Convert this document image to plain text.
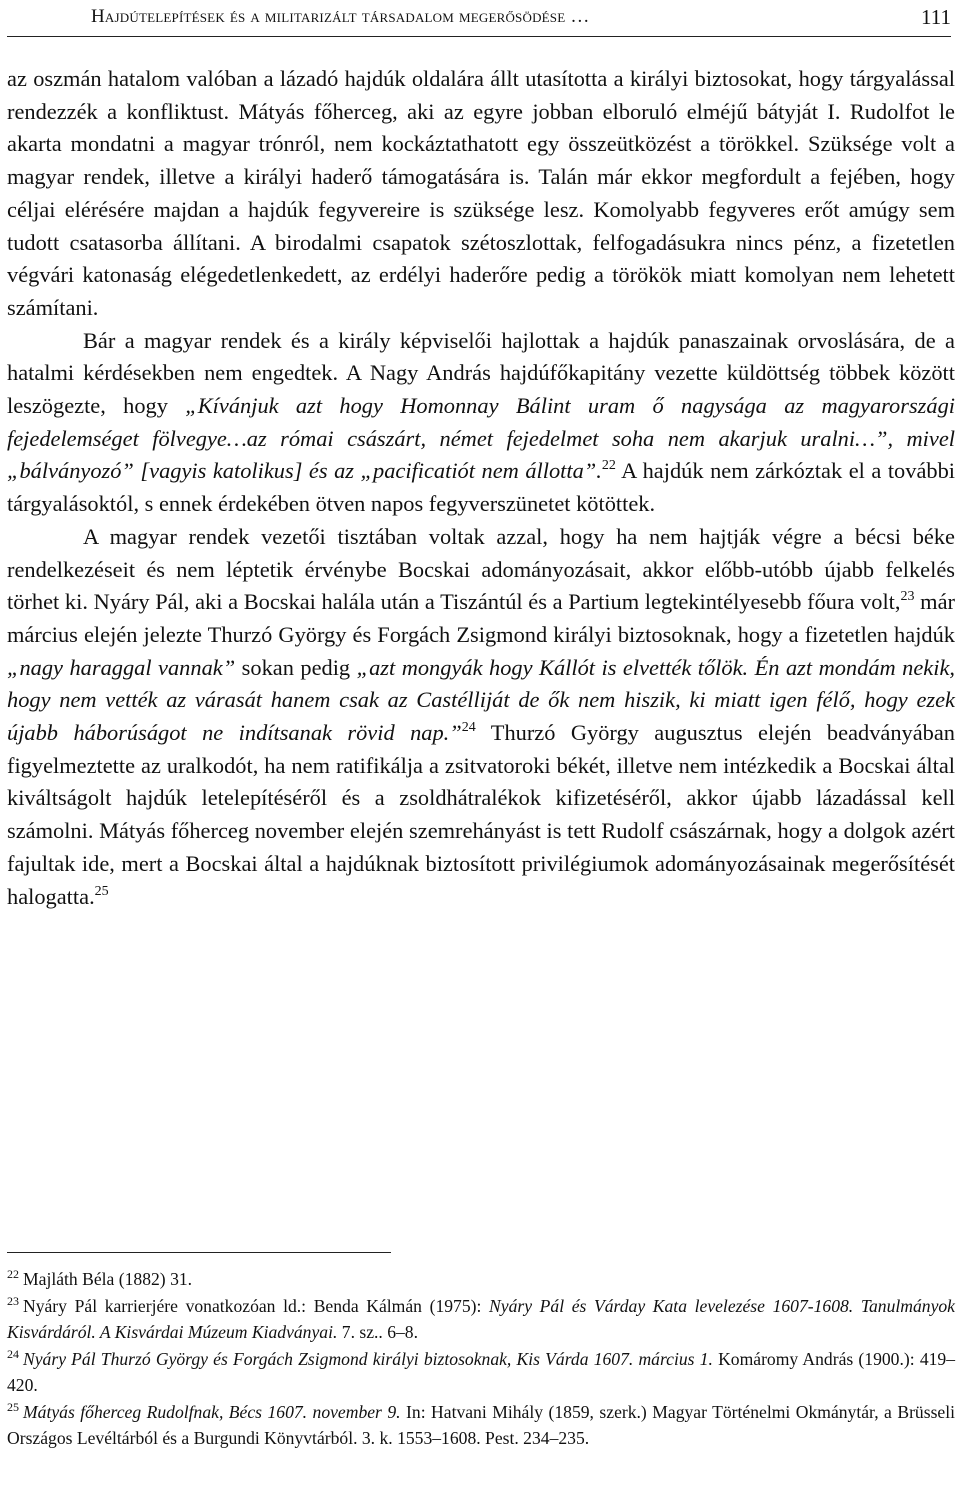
Hajdútelepítések és a militarizált társadalom megerősödése …	111

az oszmán hatalom valóban a lázadó hajdúk oldalára állt utasította a királyi biztosokat, hogy tárgyalással rendezzék a konfliktust. Mátyás főherceg, aki az egyre jobban elboruló elméjű bátyját I. Rudolfot le akarta mondatni a magyar trónról, nem kockáztathatott egy összeütközést a törökkel. Szüksége volt a magyar rendek, illetve a királyi haderő támogatására is. Talán már ekkor megfordult a fejében, hogy céljai elérésére majdan a hajdúk fegyvereire is szüksége lesz. Komolyabb fegyveres erőt amúgy sem tudott csatasorba állítani. A birodalmi csapatok szétoszlottak, felfogadásukra nincs pénz, a fizetetlen végvári katonaság elégedetlenkedett, az erdélyi haderőre pedig a törökök miatt komolyan nem lehetett számítani.

Bár a magyar rendek és a király képviselői hajlottak a hajdúk panaszainak orvoslására, de a hatalmi kérdésekben nem engedtek. A Nagy András hajdúfőkapitány vezette küldöttség többek között leszögezte, hogy „Kívánjuk azt hogy Homonnay Bálint uram ő nagysága az magyarországi fejedelemséget fölvegye…az római császárt, német fejedelmet soha nem akarjuk uralni…”, mivel „bálványozó” [vagyis katolikus] és az „pacificatiót nem állotta”.$^{22}$ A hajdúk nem zárkóztak el a további tárgyalásoktól, s ennek érdekében ötven napos fegyverszünetet kötöttek.

A magyar rendek vezetői tisztában voltak azzal, hogy ha nem hajtják végre a bécsi béke rendelkezéseit és nem léptetik érvénybe Bocskai adományozásait, akkor előbb-utóbb újabb felkelés törhet ki. Nyáry Pál, aki a Bocskai halála után a Tiszántúl és a Partium legtekintélyesebb főura volt,$^{23}$ már március elején jelezte Thurzó György és Forgách Zsigmond királyi biztosoknak, hogy a fizetetlen hajdúk „nagy haraggal vannak” sokan pedig „azt mongyák hogy Kállót is elvették tőlök. Én azt mondám nekik, hogy nem vették az várasát hanem csak az Castélliját de ők nem hiszik, ki miatt igen félő, hogy ezek újabb háborúságot ne indítsanak rövid nap.”$^{24}$ Thurzó György augusztus elején beadványában figyelmeztette az uralkodót, ha nem ratifikálja a zsitvatoroki békét, illetve nem intézkedik a Bocskai által kiváltságolt hajdúk letelepítéséről és a zsoldhátralékok kifizetéséről, akkor újabb lázadással kell számolni. Mátyás főherceg november elején szemrehányást is tett Rudolf császárnak, hogy a dolgok azért fajultak ide, mert a Bocskai által a hajdúknak biztosított privilégiumok adományozásainak megerősítését halogatta.$^{25}$

$^{22}$ Majláth Béla (1882) 31.

$^{23}$ Nyáry Pál karrierjére vonatkozóan ld.: Benda Kálmán (1975): Nyáry Pál és Várday Kata levelezése 1607-1608. Tanulmányok Kisvárdáról. A Kisvárdai Múzeum Kiadványai. 7. sz.. 6–8.

$^{24}$ Nyáry Pál Thurzó György és Forgách Zsigmond királyi biztosoknak, Kis Várda 1607. március 1. Komáromy András (1900.): 419–420.

$^{25}$ Mátyás főherceg Rudolfnak, Bécs 1607. november 9. In: Hatvani Mihály (1859, szerk.) Magyar Történelmi Okmánytár, a Brüsseli Országos Levéltárból és a Burgundi Könyvtárból. 3. k. 1553–1608. Pest. 234–235.
